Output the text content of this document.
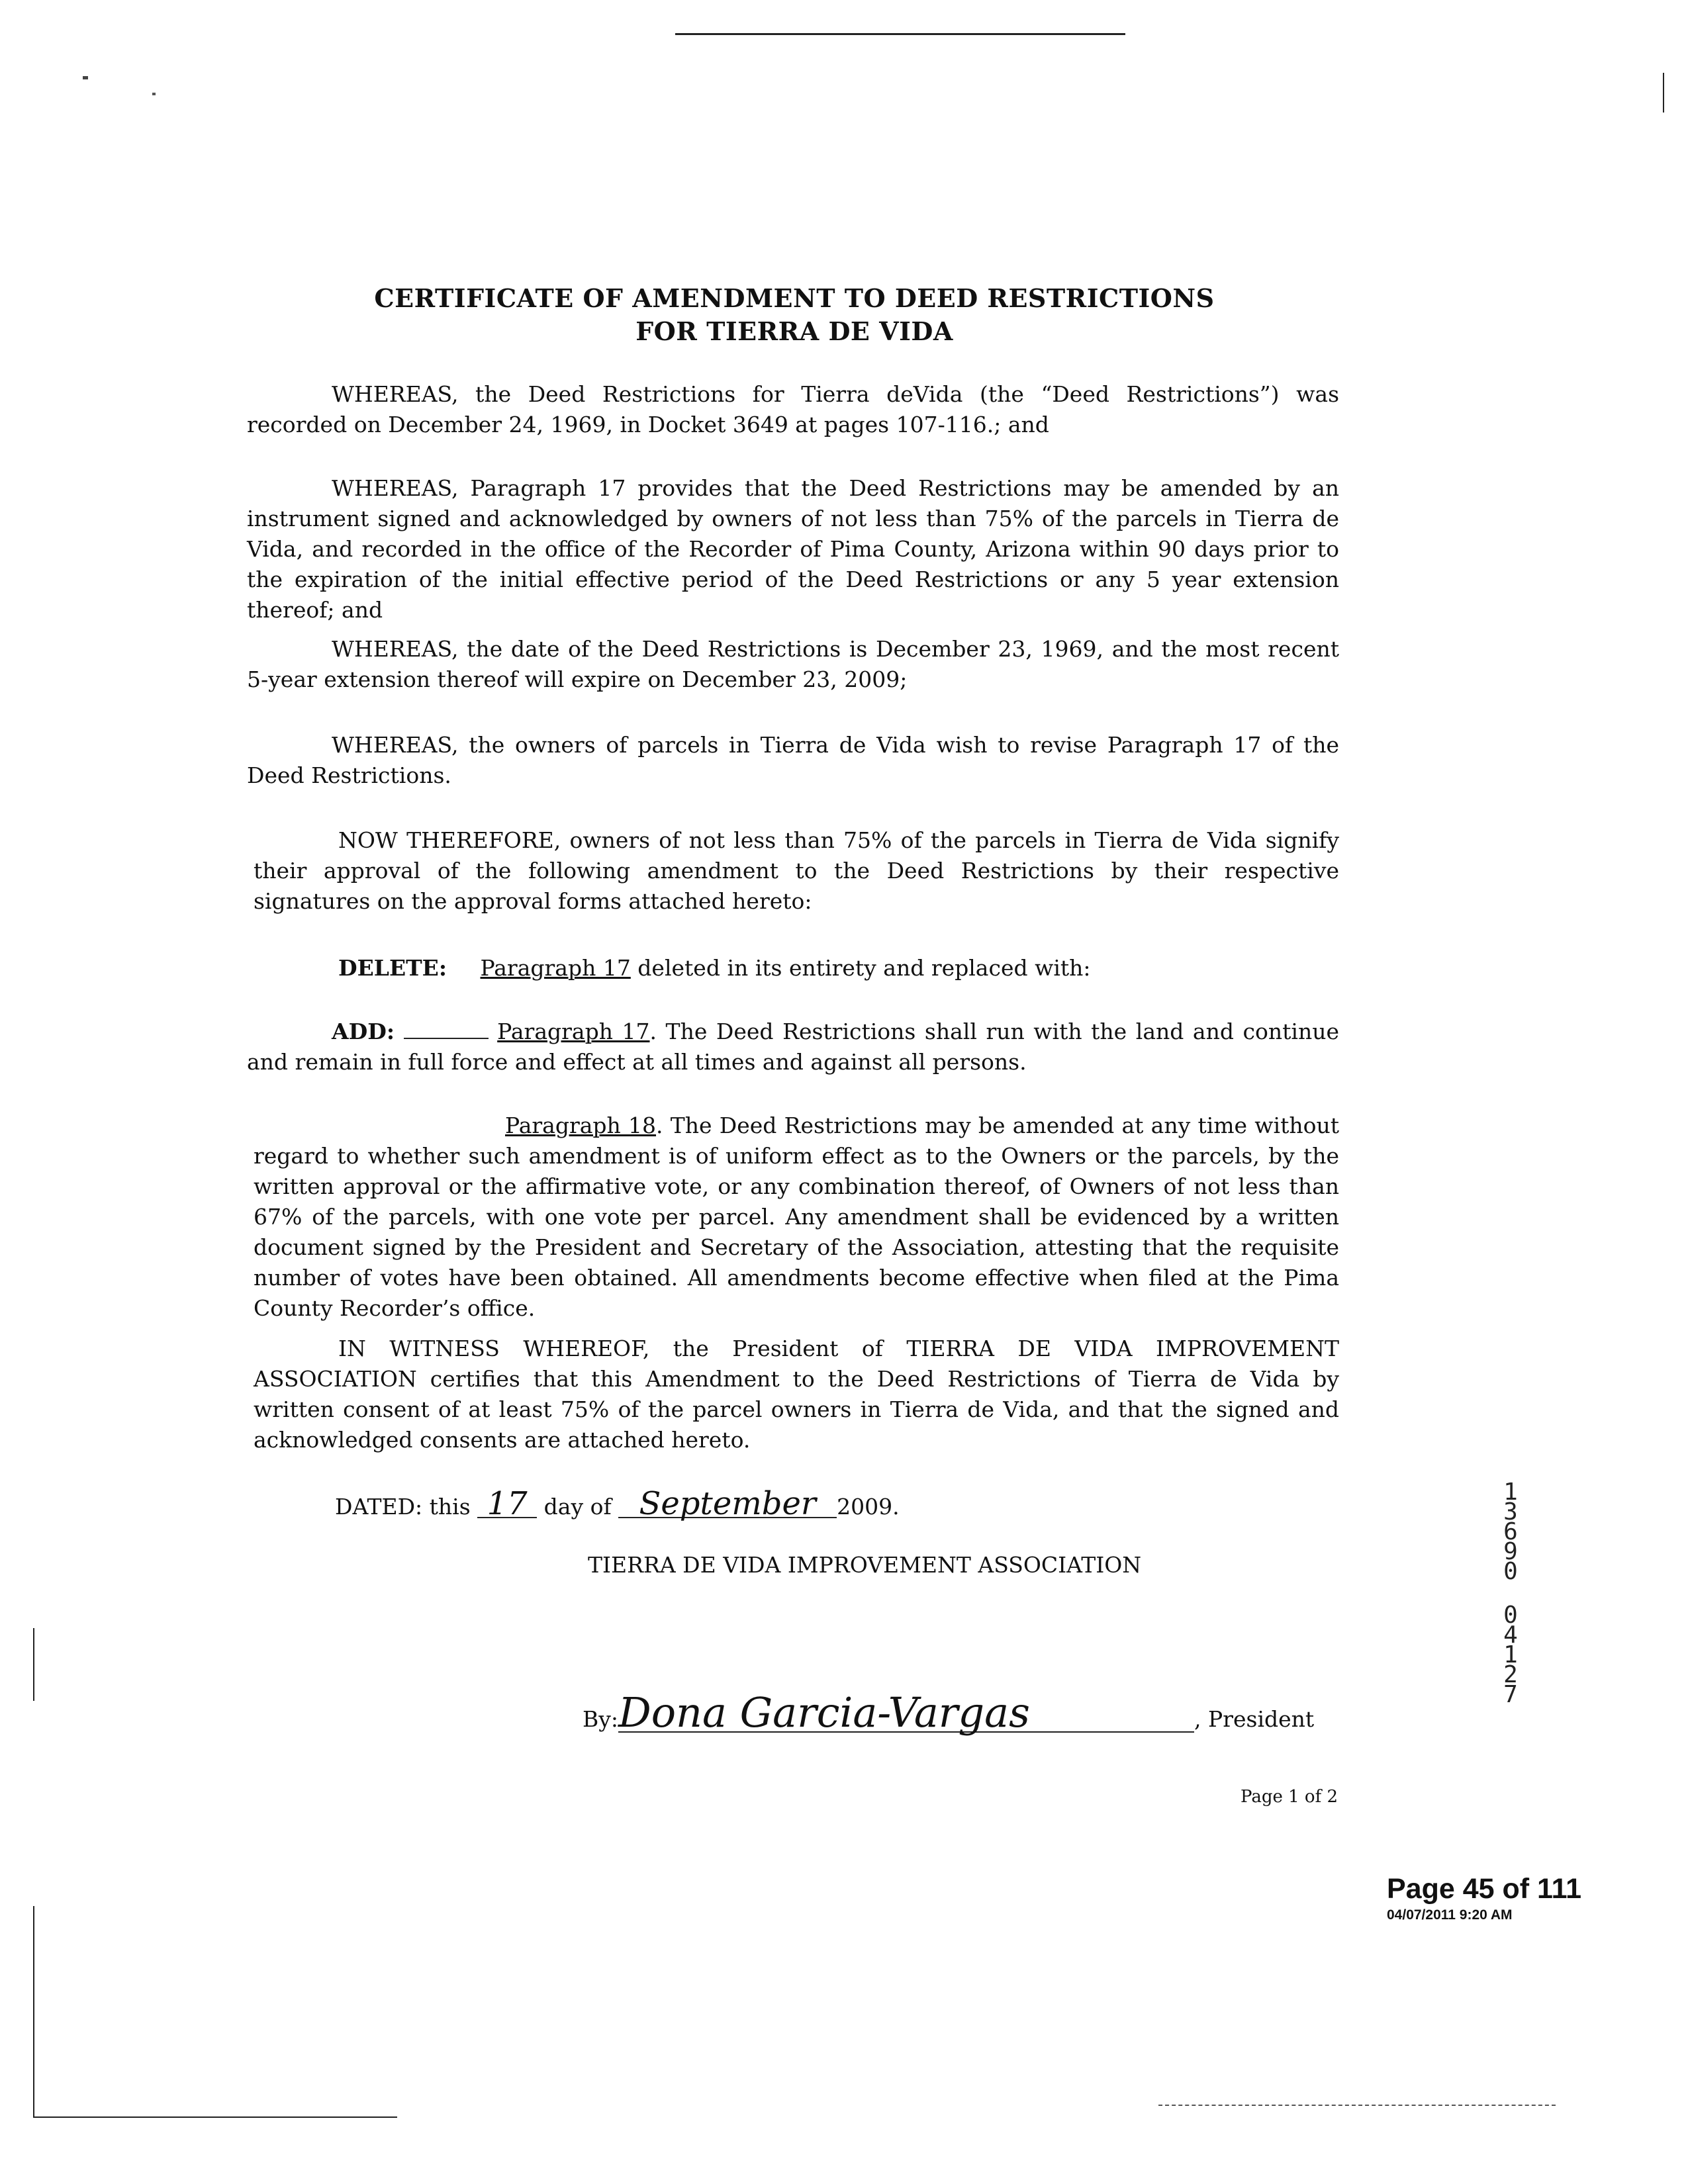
CERTIFICATE OF AMENDMENT TO DEED RESTRICTIONS
FOR TIERRA DE VIDA
WHEREAS, the Deed Restrictions for Tierra deVida (the “Deed Restrictions”) was recorded on December 24, 1969, in Docket 3649 at pages 107-116.; and
WHEREAS, Paragraph 17 provides that the Deed Restrictions may be amended by an instrument signed and acknowledged by owners of not less than 75% of the parcels in Tierra de Vida, and recorded in the office of the Recorder of Pima County, Arizona within 90 days prior to the expiration of the initial effective period of the Deed Restrictions or any 5 year extension thereof; and
WHEREAS, the date of the Deed Restrictions is December 23, 1969, and the most recent 5-year extension thereof will expire on December 23, 2009;
WHEREAS, the owners of parcels in Tierra de Vida wish to revise Paragraph 17 of the Deed Restrictions.
NOW THEREFORE, owners of not less than 75% of the parcels in Tierra de Vida signify their approval of the following amendment to the Deed Restrictions by their respective signatures on the approval forms attached hereto:
DELETE: Paragraph 17 deleted in its entirety and replaced with:
ADD:	Paragraph 17. The Deed Restrictions shall run with the land and continue and remain in full force and effect at all times and against all persons.
Paragraph 18. The Deed Restrictions may be amended at any time without regard to whether such amendment is of uniform effect as to the Owners or the parcels, by the written approval or the affirmative vote, or any combination thereof, of Owners of not less than 67% of the parcels, with one vote per parcel. Any amendment shall be evidenced by a written document signed by the President and Secretary of the Association, attesting that the requisite number of votes have been obtained. All amendments become effective when filed at the Pima County Recorder’s office.
IN WITNESS WHEREOF, the President of TIERRA DE VIDA IMPROVEMENT ASSOCIATION certifies that this Amendment to the Deed Restrictions of Tierra de Vida by written consent of at least 75% of the parcel owners in Tierra de Vida, and that the signed and acknowledged consents are attached hereto.
DATED: this 17 day of September 2009.
TIERRA DE VIDA IMPROVEMENT ASSOCIATION
By:Dona Garcia-Vargas	, President
Page 1 of 2
1
3
6
9
0
0
4
1
2
7
Page 45 of 111
04/07/2011 9:20 AM
